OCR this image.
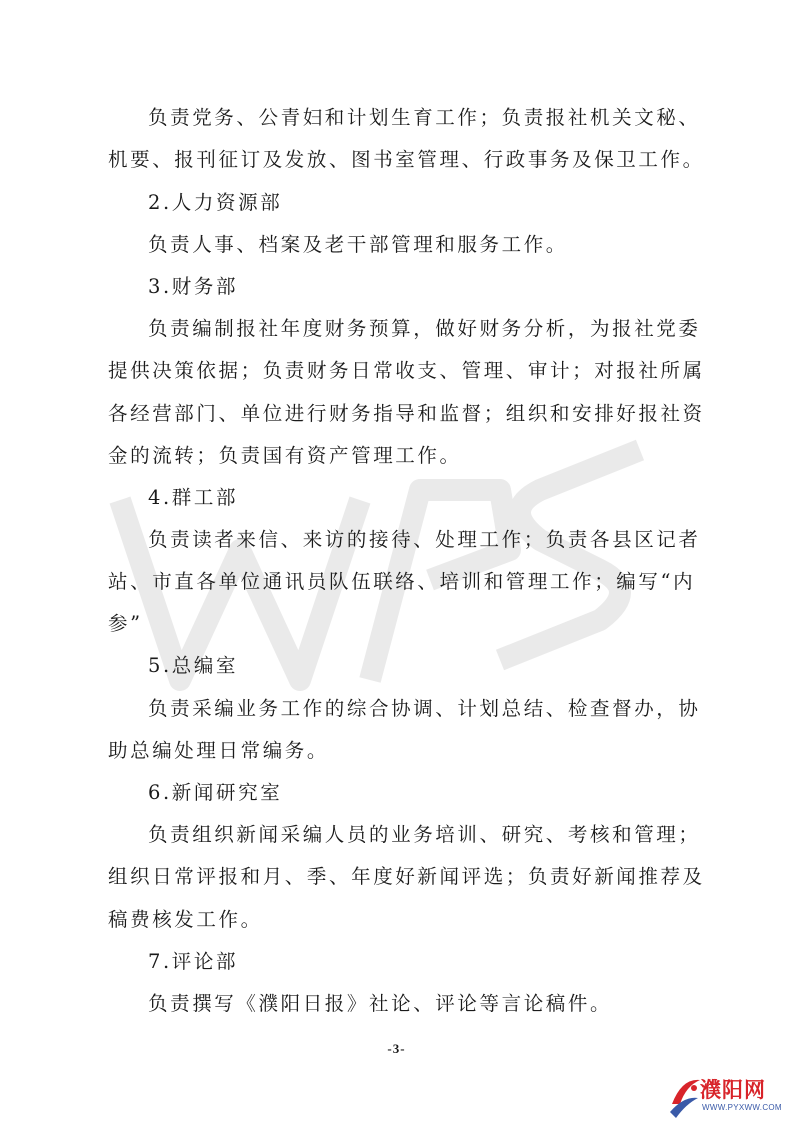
负责党务、公青妇和计划生育工作；负责报社机关文秘、
机要、报刊征订及发放、图书室管理、行政事务及保卫工作。
2.人力资源部
负责人事、档案及老干部管理和服务工作。
3.财务部
负责编制报社年度财务预算，做好财务分析，为报社党委
提供决策依据；负责财务日常收支、管理、审计；对报社所属
各经营部门、单位进行财务指导和监督；组织和安排好报社资
金的流转；负责国有资产管理工作。
4.群工部
负责读者来信、来访的接待、处理工作；负责各县区记者
站、市直各单位通讯员队伍联络、培训和管理工作；编写“内
参”
5.总编室
负责采编业务工作的综合协调、计划总结、检查督办，协
助总编处理日常编务。
6.新闻研究室
负责组织新闻采编人员的业务培训、研究、考核和管理；
组织日常评报和月、季、年度好新闻评选；负责好新闻推荐及
稿费核发工作。
7.评论部
负责撰写《濮阳日报》社论、评论等言论稿件。
-3-
濮阳网
WWW.PYXWW.COM
